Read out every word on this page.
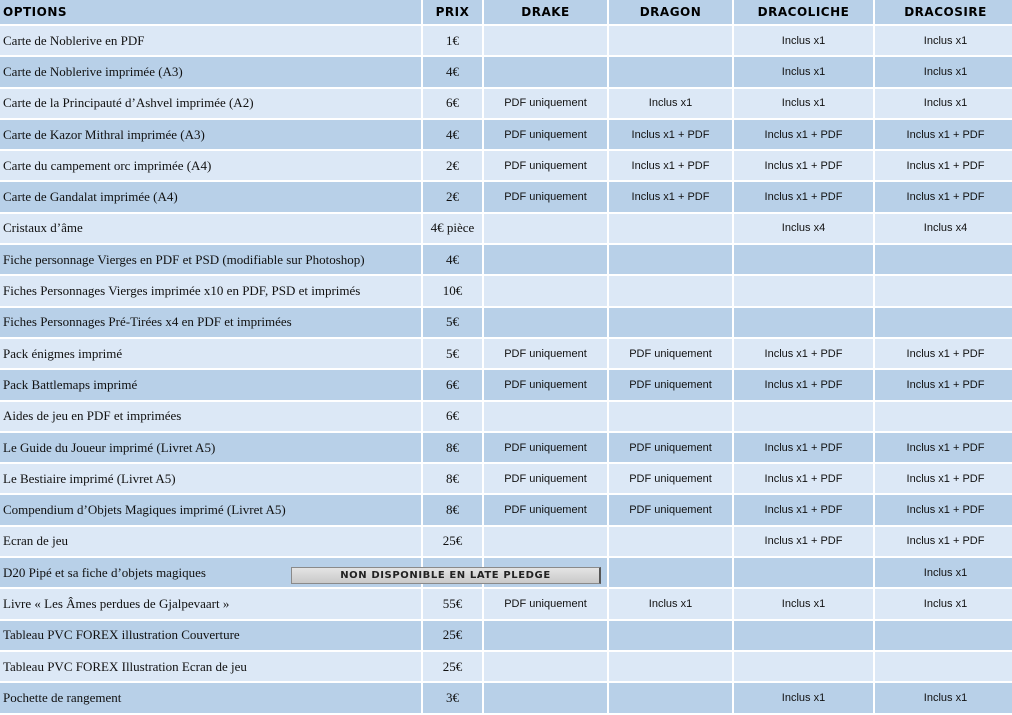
OPTIONS	PRIX	DRAKE	DRAGON	DRACOLICHE	DRACOSIRE
Carte de Noblerive en PDF	1€			Inclus x1	Inclus x1
Carte de Noblerive imprimée (A3)	4€			Inclus x1	Inclus x1
Carte de la Principauté d’Ashvel imprimée (A2)	6€	PDF uniquement	Inclus x1	Inclus x1	Inclus x1
Carte de Kazor Mithral imprimée (A3)	4€	PDF uniquement	Inclus x1 + PDF	Inclus x1 + PDF	Inclus x1 + PDF
Carte du campement orc imprimée (A4)	2€	PDF uniquement	Inclus x1 + PDF	Inclus x1 + PDF	Inclus x1 + PDF
Carte de Gandalat imprimée (A4)	2€	PDF uniquement	Inclus x1 + PDF	Inclus x1 + PDF	Inclus x1 + PDF
Cristaux d’âme	4€ pièce			Inclus x4	Inclus x4
Fiche personnage Vierges en PDF et PSD (modifiable sur Photoshop)	4€				
Fiches Personnages Vierges imprimée x10 en PDF, PSD et imprimés	10€				
Fiches Personnages Pré-Tirées x4 en PDF et imprimées	5€				
Pack énigmes imprimé	5€	PDF uniquement	PDF uniquement	Inclus x1 + PDF	Inclus x1 + PDF
Pack Battlemaps imprimé	6€	PDF uniquement	PDF uniquement	Inclus x1 + PDF	Inclus x1 + PDF
Aides de jeu en PDF et imprimées	6€				
Le Guide du Joueur imprimé (Livret A5)	8€	PDF uniquement	PDF uniquement	Inclus x1 + PDF	Inclus x1 + PDF
Le Bestiaire imprimé (Livret A5)	8€	PDF uniquement	PDF uniquement	Inclus x1 + PDF	Inclus x1 + PDF
Compendium d’Objets Magiques imprimé (Livret A5)	8€	PDF uniquement	PDF uniquement	Inclus x1 + PDF	Inclus x1 + PDF
Ecran de jeu	25€			Inclus x1 + PDF	Inclus x1 + PDF
D20 Pipé et sa fiche d’objets magiques					Inclus x1
Livre « Les Âmes perdues de Gjalpevaart »	55€	PDF uniquement	Inclus x1	Inclus x1	Inclus x1
Tableau PVC FOREX illustration Couverture	25€				
Tableau PVC FOREX Illustration Ecran de jeu	25€				
Pochette de rangement	3€			Inclus x1	Inclus x1
NON DISPONIBLE EN LATE PLEDGE
